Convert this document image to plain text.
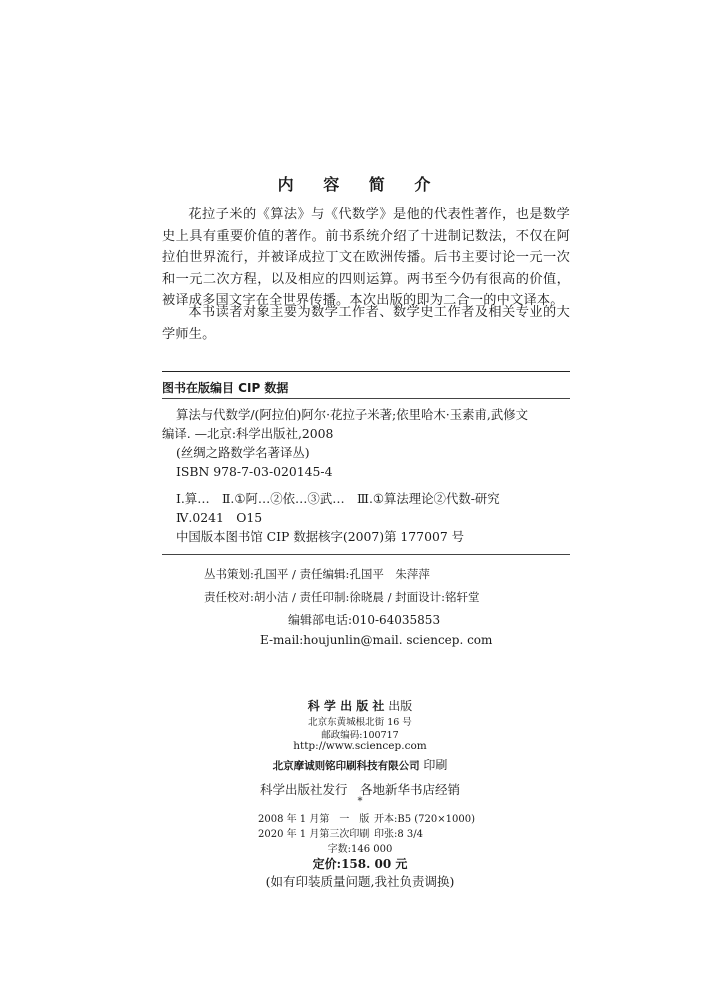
内 容 简 介
花拉子米的《算法》与《代数学》是他的代表性著作，也是数学史上具有重要价值的著作。前书系统介绍了十进制记数法，不仅在阿拉伯世界流行，并被译成拉丁文在欧洲传播。后书主要讨论一元一次和一元二次方程，以及相应的四则运算。两书至今仍有很高的价值，被译成多国文字在全世界传播。本次出版的即为二合一的中文译本。
本书读者对象主要为数学工作者、数学史工作者及相关专业的大学师生。
图书在版编目 CIP 数据
算法与代数学/(阿拉伯)阿尔·花拉子米著;依里哈木·玉素甫,武修文
编译. —北京:科学出版社,2008
(丝绸之路数学名著译丛)
ISBN 978-7-03-020145-4
Ⅰ.算…　Ⅱ.①阿…②依…③武…　Ⅲ.①算法理论②代数-研究
Ⅳ.0241　O15
中国版本图书馆 CIP 数据核字(2007)第 177007 号
丛书策划:孔国平 / 责任编辑:孔国平　朱萍萍
责任校对:胡小洁 / 责任印制:徐晓晨 / 封面设计:铭轩堂
编辑部电话:010-64035853
E-mail:houjunlin@mail. sciencep. com
科 学 出 版 社 出版
北京东黄城根北街 16 号
邮政编码:100717
http://www.sciencep.com
北京摩诚则铭印刷科技有限公司 印刷
科学出版社发行　各地新华书店经销
*
2008 年 1 月第　一　版 开本:B5 (720×1000)
2020 年 1 月第三次印刷 印张:8 3/4
字数:146 000
定价:158. 00 元
(如有印装质量问题,我社负责调换)
